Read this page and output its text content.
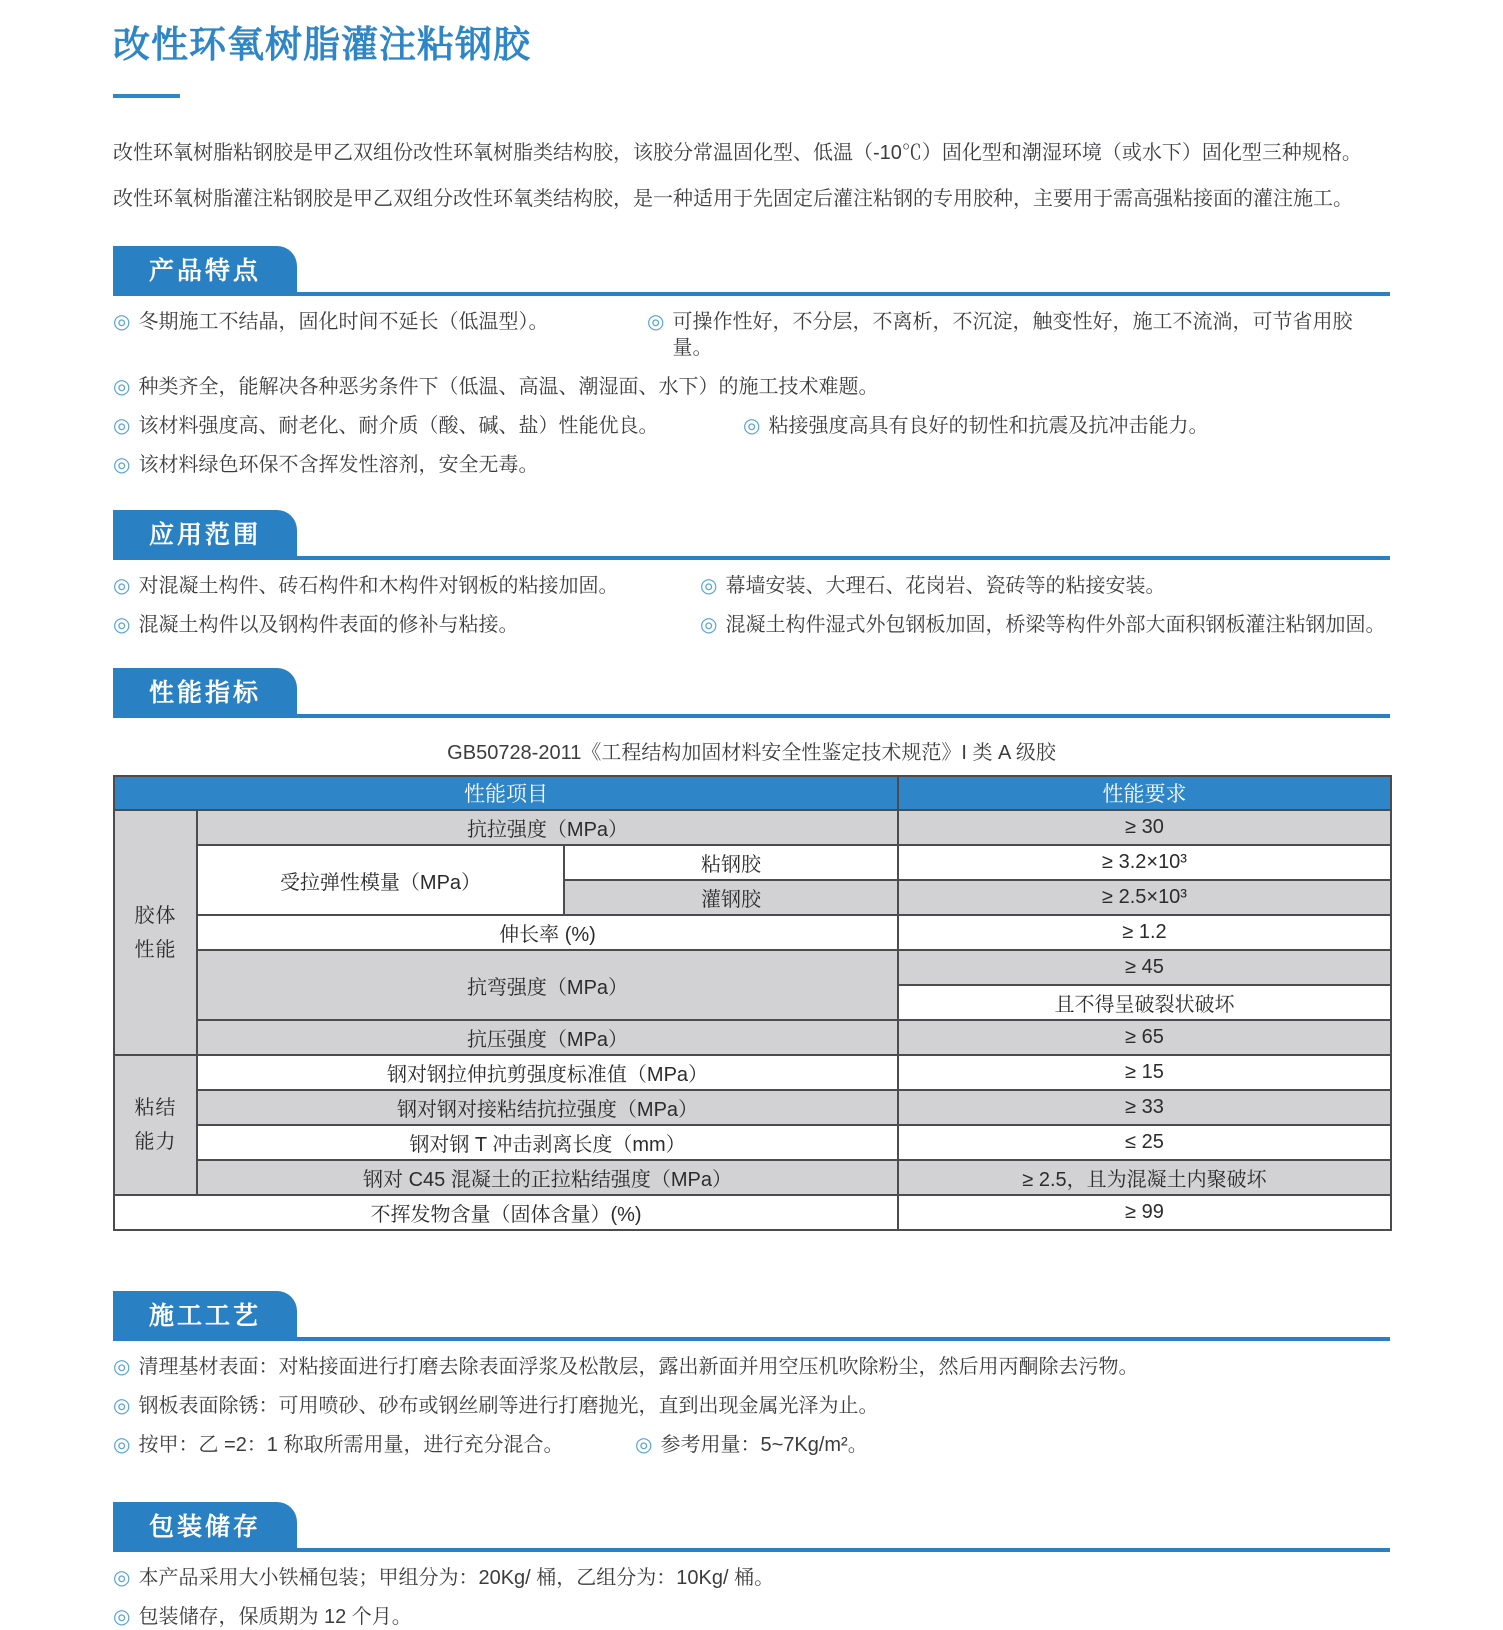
改性环氧树脂灌注粘钢胶
改性环氧树脂粘钢胶是甲乙双组份改性环氧树脂类结构胶，该胶分常温固化型、低温（-10℃）固化型和潮湿环境（或水下）固化型三种规格。
改性环氧树脂灌注粘钢胶是甲乙双组分改性环氧类结构胶，是一种适用于先固定后灌注粘钢的专用胶种，主要用于需高强粘接面的灌注施工。
产品特点
◎ 冬期施工不结晶，固化时间不延长（低温型）。	◎ 可操作性好，不分层，不离析，不沉淀，触变性好，施工不流淌，可节省用胶量。
◎ 种类齐全，能解决各种恶劣条件下（低温、高温、潮湿面、水下）的施工技术难题。
◎ 该材料强度高、耐老化、耐介质（酸、碱、盐）性能优良。	◎ 粘接强度高具有良好的韧性和抗震及抗冲击能力。
◎ 该材料绿色环保不含挥发性溶剂，安全无毒。
应用范围
◎ 对混凝土构件、砖石构件和木构件对钢板的粘接加固。	◎ 幕墙安装、大理石、花岗岩、瓷砖等的粘接安装。
◎ 混凝土构件以及钢构件表面的修补与粘接。	◎ 混凝土构件湿式外包钢板加固，桥梁等构件外部大面积钢板灌注粘钢加固。
性能指标
GB50728-2011《工程结构加固材料安全性鉴定技术规范》I 类 A 级胶
性能项目			性能要求
胶体性能	抗拉强度（MPa）		≥ 30
	受拉弹性模量（MPa）	粘钢胶	≥ 3.2×10³
		灌钢胶	≥ 2.5×10³
	伸长率 (%)		≥ 1.2
	抗弯强度（MPa）		≥ 45
			且不得呈破裂状破坏
	抗压强度（MPa）		≥ 65
粘结能力	钢对钢拉伸抗剪强度标准值（MPa）		≥ 15
	钢对钢对接粘结抗拉强度（MPa）		≥ 33
	钢对钢 T 冲击剥离长度（mm）		≤ 25
	钢对 C45 混凝土的正拉粘结强度（MPa）		≥ 2.5，且为混凝土内聚破坏
不挥发物含量（固体含量）(%)			≥ 99
施工工艺
◎ 清理基材表面：对粘接面进行打磨去除表面浮浆及松散层，露出新面并用空压机吹除粉尘，然后用丙酮除去污物。
◎ 钢板表面除锈：可用喷砂、砂布或钢丝刷等进行打磨抛光，直到出现金属光泽为止。
◎ 按甲：乙 =2：1 称取所需用量，进行充分混合。	◎ 参考用量：5~7Kg/m²。
包装储存
◎ 本产品采用大小铁桶包装；甲组分为：20Kg/ 桶，乙组分为：10Kg/ 桶。
◎ 包装储存，保质期为 12 个月。
